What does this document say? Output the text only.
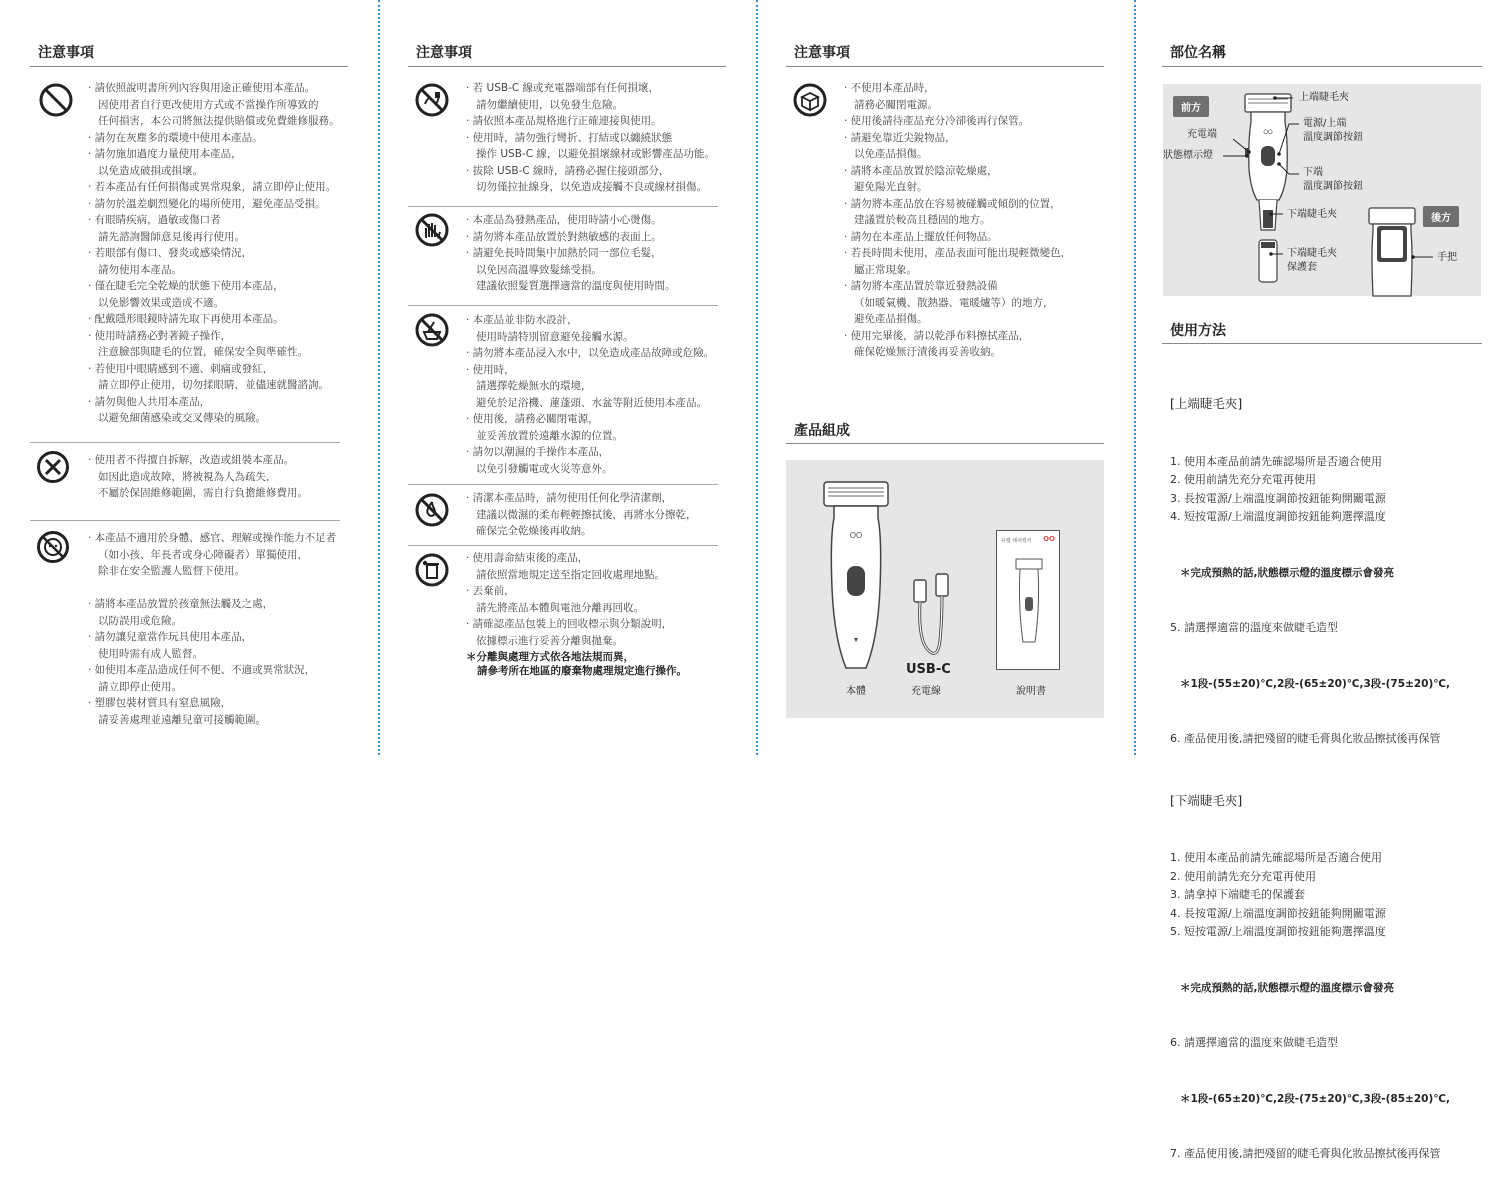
注意事項
· 請依照說明書所列內容與用途正確使用本產品。
因使用者自行更改使用方式或不當操作所導致的
任何損害，本公司將無法提供賠償或免費維修服務。
· 請勿在灰塵多的環境中使用本產品。
· 請勿施加過度力量使用本產品，
以免造成破損或損壞。
· 若本產品有任何損傷或異常現象，請立即停止使用。
· 請勿於溫差劇烈變化的場所使用，避免產品受損。
· 有眼睛疾病，過敏或傷口者
請先諮詢醫師意見後再行使用。
· 若眼部有傷口、發炎或感染情況，
請勿使用本產品。
· 僅在睫毛完全乾燥的狀態下使用本產品，
以免影響效果或造成不適。
· 配戴隱形眼鏡時請先取下再使用本產品。
· 使用時請務必對著鏡子操作，
注意臉部與睫毛的位置，確保安全與準確性。
· 若使用中眼睛感到不適、刺痛或發紅，
請立即停止使用，切勿揉眼睛，並儘速就醫諮詢。
· 請勿與他人共用本產品，
以避免細菌感染或交叉傳染的風險。
· 使用者不得擅自拆解，改造或組裝本產品。
如因此造成故障，將被視為人為疏失，
不屬於保固維修範圍，需自行負擔維修費用。
· 本產品不適用於身體、感官、理解或操作能力不足者
（如小孩、年長者或身心障礙者）單獨使用，
除非在安全監護人監督下使用。

· 請將本產品放置於孩童無法觸及之處，
以防誤用或危險。
· 請勿讓兒童當作玩具使用本產品，
使用時需有成人監督。
· 如使用本產品造成任何不便、不適或異常狀況，
請立即停止使用。
· 塑膠包裝材質具有窒息風險，
請妥善處理並遠離兒童可接觸範圍。
注意事項
· 若 USB-C 線或充電器端部有任何損壞，
請勿繼續使用，以免發生危險。
· 請依照本產品規格進行正確連接與使用。
· 使用時，請勿強行彎折、打結或以纏繞狀態
操作 USB-C 線，以避免損壞線材或影響產品功能。
· 拔除 USB-C 線時，請務必握住接頭部分，
切勿僅拉扯線身，以免造成接觸不良或線材損傷。
· 本產品為發熱產品，使用時請小心燙傷。
· 請勿將本產品放置於對熱敏感的表面上。
· 請避免長時間集中加熱於同一部位毛髮，
以免因高溫導致髮絲受損。
建議依照髮質選擇適當的溫度與使用時間。
· 本產品並非防水設計，
使用時請特別留意避免接觸水源。
· 請勿將本產品浸入水中，以免造成產品故障或危險。
· 使用時，
請選擇乾燥無水的環境，
避免於足浴機、蓮蓬頭、水盆等附近使用本產品。
· 使用後，請務必關閉電源，
並妥善放置於遠離水源的位置。
· 請勿以潮濕的手操作本產品，
以免引發觸電或火災等意外。
· 清潔本產品時，請勿使用任何化學清潔劑，
建議以微濕的柔布輕輕擦拭後，再將水分擦乾，
確保完全乾燥後再收納。
· 使用壽命結束後的產品，
請依照當地規定送至指定回收處理地點。
· 丟棄前，
請先將產品本體與電池分離再回收。
· 請確認產品包裝上的回收標示與分類說明，
依據標示進行妥善分離與拋棄。
＊分離與處理方式依各地法規而異，
請參考所在地區的廢棄物處理規定進行操作。
注意事項
· 不使用本產品時，
請務必關閉電源。
· 使用後請待產品充分冷卻後再行保管。
· 請避免靠近尖銳物品，
以免產品損傷。
· 請將本產品放置於陰涼乾燥處，
避免陽光直射。
· 請勿將本產品放在容易被碰觸或傾倒的位置，
建議置於較高且穩固的地方。
· 請勿在本產品上擺放任何物品。
· 若長時間未使用，產品表面可能出現輕微變色，
屬正常現象。
· 請勿將本產品置於靠近發熱設備
（如暖氣機、散熱器、電暖爐等）的地方，
避免產品損傷。
· 使用完畢後，請以乾淨布料擦拭產品，
確保乾燥無汙漬後再妥善收納。
產品組成
OO
USB-C
유랩 래쉬컬러 OO
本體	充電線	說明書
部位名稱
前方
後方
OO
上端睫毛夾
充電端
狀態標示燈
電源/上端
溫度調節按鈕
下端
溫度調節按鈕
下端睫毛夾
下端睫毛夾
保護套
手把
使用方法

[上端睫毛夾]

1. 使用本產品前請先確認場所是否適合使用
2. 使用前請先充分充電再使用
3. 長按電源/上端溫度調節按鈕能夠開關電源
4. 短按電源/上端溫度調節按鈕能夠選擇溫度

＊完成預熱的話,狀態標示燈的溫度標示會發亮

5. 請選擇適當的溫度來做睫毛造型

＊1段-(55±20)℃,2段-(65±20)℃,3段-(75±20)℃,

6. 產品使用後,請把殘留的睫毛膏與化妝品擦拭後再保管

[下端睫毛夾]

1. 使用本產品前請先確認場所是否適合使用
2. 使用前請先充分充電再使用
3. 請拿掉下端睫毛的保護套
4. 長按電源/上端溫度調節按鈕能夠開關電源
5. 短按電源/上端溫度調節按鈕能夠選擇溫度

＊完成預熱的話,狀態標示燈的溫度標示會發亮

6. 請選擇適當的溫度來做睫毛造型

＊1段-(65±20)℃,2段-(75±20)℃,3段-(85±20)℃,

7. 產品使用後,請把殘留的睫毛膏與化妝品擦拭後再保管
